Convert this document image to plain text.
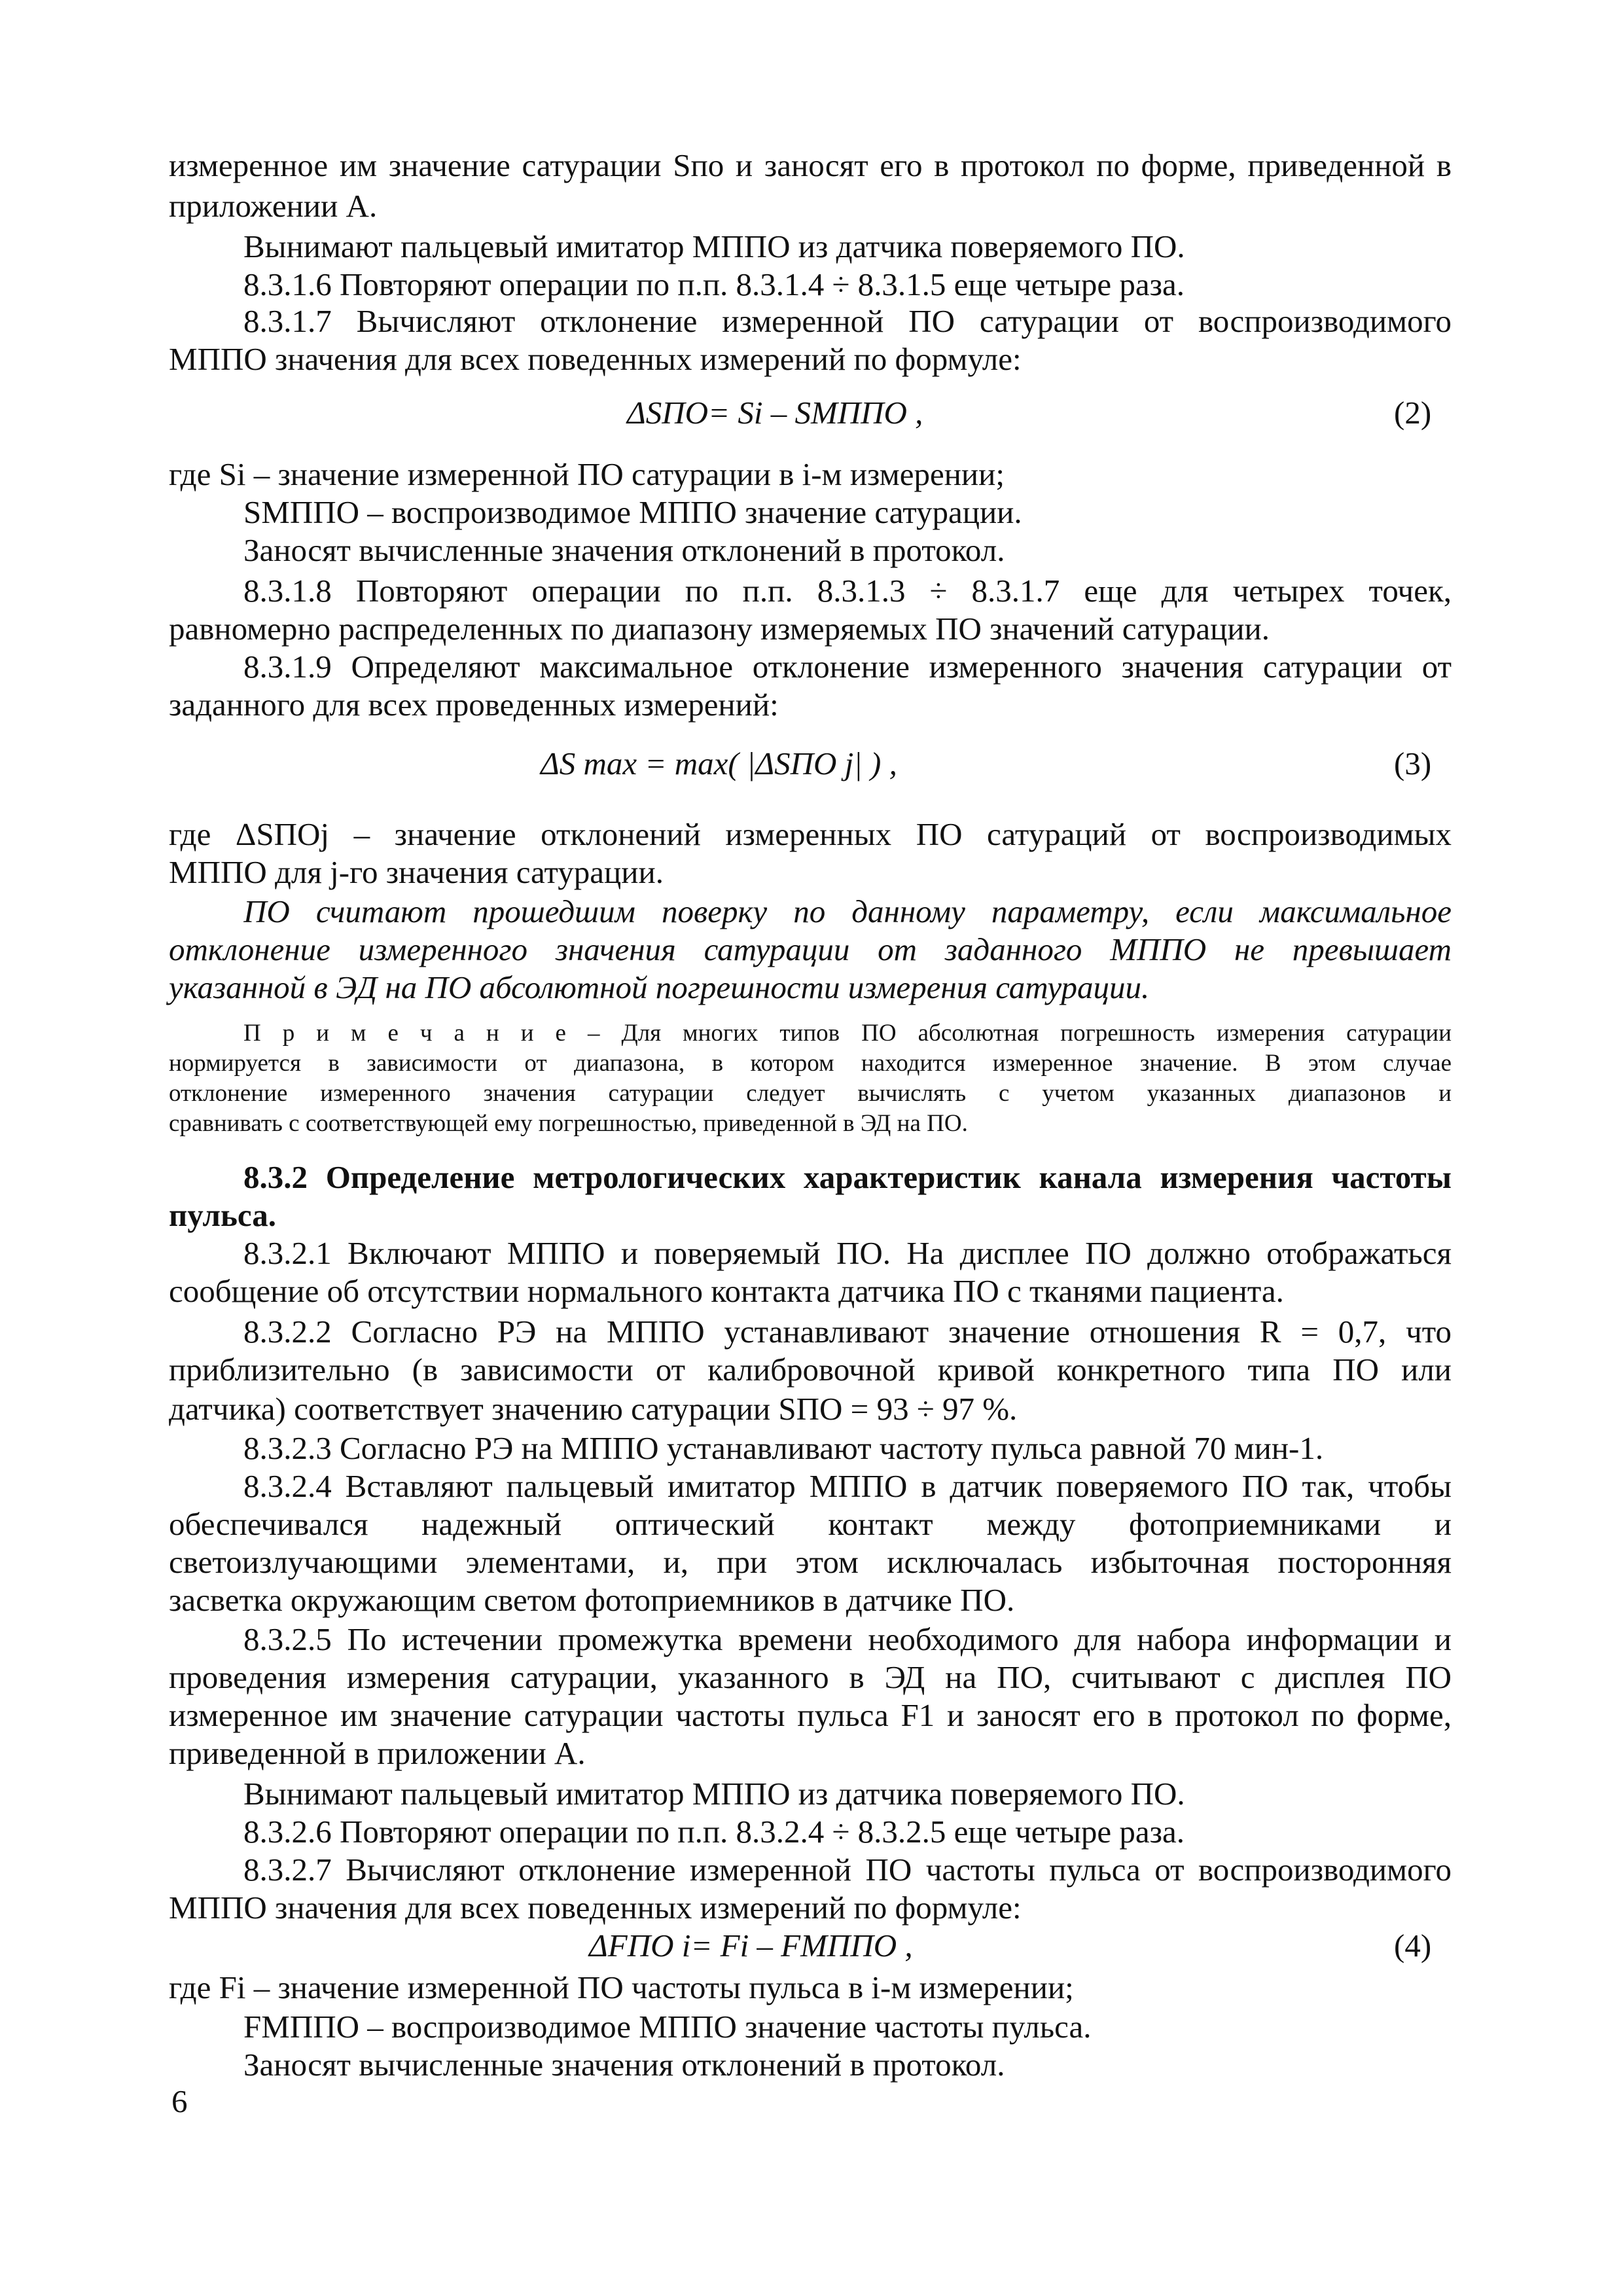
измеренное им значение сатурации Sпо и заносят его в протокол по форме, приведенной в
приложении А.
Вынимают пальцевый имитатор МППО из датчика поверяемого ПО.
8.3.1.6 Повторяют операции по п.п. 8.3.1.4 ÷ 8.3.1.5 еще четыре раза.
8.3.1.7 Вычисляют отклонение измеренной ПО сатурации от воспроизводимого
МППО значения для всех поведенных измерений по формуле:
ΔSПО= Si – SМППО ,	(2)
где Si – значение измеренной ПО сатурации в i-м измерении;
SМППО – воспроизводимое МППО значение сатурации.
Заносят вычисленные значения отклонений в протокол.
8.3.1.8 Повторяют операции по п.п. 8.3.1.3 ÷ 8.3.1.7 еще для четырех точек,
равномерно распределенных по диапазону измеряемых ПО значений сатурации.
8.3.1.9 Определяют максимальное отклонение измеренного значения сатурации от
заданного для всех проведенных измерений:
ΔS max = max( |ΔSПО j| ) ,	(3)
где ΔSПОj – значение отклонений измеренных ПО сатураций от воспроизводимых
МППО для j-го значения сатурации.
ПО считают прошедшим поверку по данному параметру, если максимальное
отклонение измеренного значения сатурации от заданного МППО не превышает
указанной в ЭД на ПО абсолютной погрешности измерения сатурации.
П р и м е ч а н и е – Для многих типов ПО абсолютная погрешность измерения сатурации
нормируется в зависимости от диапазона, в котором находится измеренное значение. В этом случае
отклонение измеренного значения сатурации следует вычислять с учетом указанных диапазонов и
сравнивать с соответствующей ему погрешностью, приведенной в ЭД на ПО.
8.3.2 Определение метрологических характеристик канала измерения частоты
пульса.
8.3.2.1 Включают МППО и поверяемый ПО. На дисплее ПО должно отображаться
сообщение об отсутствии нормального контакта датчика ПО с тканями пациента.
8.3.2.2 Согласно РЭ на МППО устанавливают значение отношения R = 0,7, что
приблизительно (в зависимости от калибровочной кривой конкретного типа ПО или
датчика) соответствует значению сатурации SПО = 93 ÷ 97 %.
8.3.2.3 Согласно РЭ на МППО устанавливают частоту пульса равной 70 мин-1.
8.3.2.4 Вставляют пальцевый имитатор МППО в датчик поверяемого ПО так, чтобы
обеспечивался надежный оптический контакт между фотоприемниками и
светоизлучающими элементами, и, при этом исключалась избыточная посторонняя
засветка окружающим светом фотоприемников в датчике ПО.
8.3.2.5 По истечении промежутка времени необходимого для набора информации и
проведения измерения сатурации, указанного в ЭД на ПО, считывают с дисплея ПО
измеренное им значение сатурации частоты пульса F1 и заносят его в протокол по форме,
приведенной в приложении А.
Вынимают пальцевый имитатор МППО из датчика поверяемого ПО.
8.3.2.6 Повторяют операции по п.п. 8.3.2.4 ÷ 8.3.2.5 еще четыре раза.
8.3.2.7 Вычисляют отклонение измеренной ПО частоты пульса от воспроизводимого
МППО значения для всех поведенных измерений по формуле:
ΔFПО i= Fi – FМППО ,	(4)
где Fi – значение измеренной ПО частоты пульса в i-м измерении;
FМППО – воспроизводимое МППО значение частоты пульса.
Заносят вычисленные значения отклонений в протокол.
6
